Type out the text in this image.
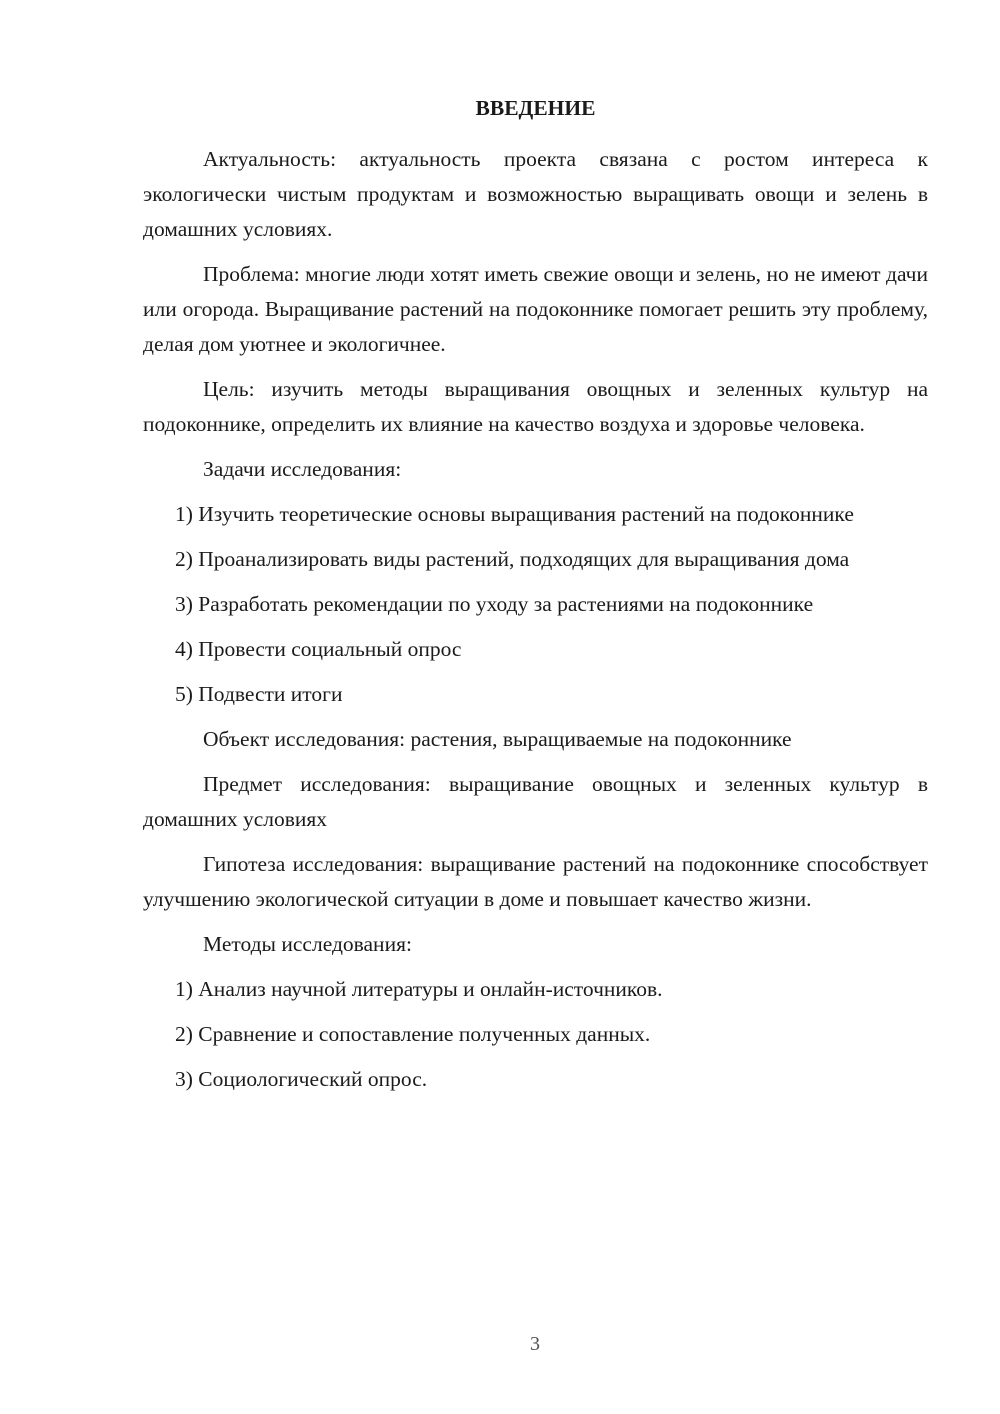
ВВЕДЕНИЕ

Актуальность: актуальность проекта связана с ростом интереса к экологически чистым продуктам и возможностью выращивать овощи и зелень в домашних условиях.

Проблема: многие люди хотят иметь свежие овощи и зелень, но не имеют дачи или огорода. Выращивание растений на подоконнике помогает решить эту проблему, делая дом уютнее и экологичнее.

Цель: изучить методы выращивания овощных и зеленных культур на подоконнике, определить их влияние на качество воздуха и здоровье человека.

Задачи исследования:

1) Изучить теоретические основы выращивания растений на подоконнике

2) Проанализировать виды растений, подходящих для выращивания дома

3) Разработать рекомендации по уходу за растениями на подоконнике

4) Провести социальный опрос

5) Подвести итоги

Объект исследования: растения, выращиваемые на подоконнике

Предмет исследования: выращивание овощных и зеленных культур в домашних условиях

Гипотеза исследования: выращивание растений на подоконнике способствует улучшению экологической ситуации в доме и повышает качество жизни.

Методы исследования:

1) Анализ научной литературы и онлайн-источников.

2) Сравнение и сопоставление полученных данных.

3) Социологический опрос.

3
